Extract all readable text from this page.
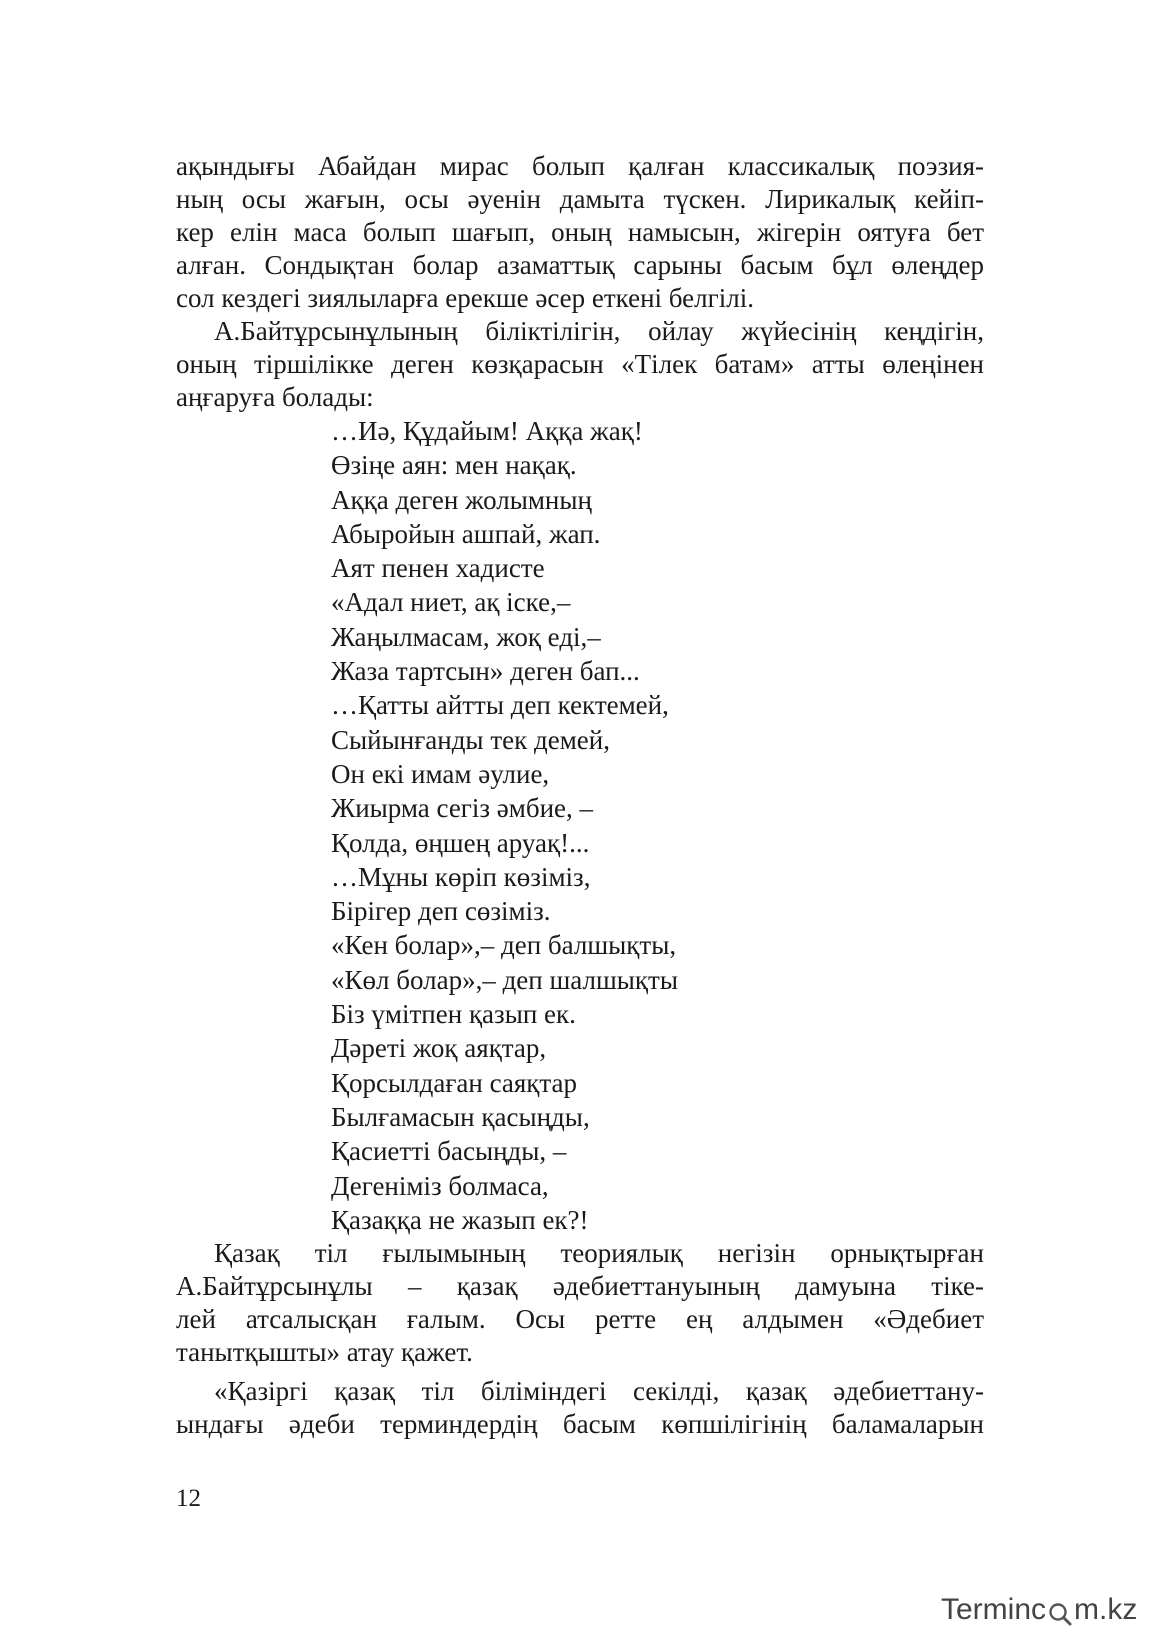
ақындығы Абайдан мирас болып қалған классикалық поэзия-
ның осы жағын, осы әуенін дамыта түскен. Лирикалық кейіп-
кер елін маса болып шағып, оның намысын, жігерін оятуға бет
алған. Сондықтан болар азаматтық сарыны басым бұл өлеңдер
сол кездегі зиялыларға ерекше әсер еткені белгілі.

А.Байтұрсынұлының біліктілігін, ойлау жүйесінің кеңдігін,
оның тіршілікке деген көзқарасын «Тілек батам» атты өлеңінен
аңғаруға болады:

…Иә, Құдайым! Аққа жақ!
Өзіңе аян: мен нақақ.
Аққа деген жолымның
Абыройын ашпай, жап.
Аят пенен хадисте
«Адал ниет, ақ іске,–
Жаңылмасам, жоқ еді,–
Жаза тартсын» деген бап...
…Қатты айтты деп кектемей,
Сыйынғанды тек демей,
Он екі имам әулие,
Жиырма сегіз әмбие, –
Қолда, өңшең аруақ!...
…Мұны көріп көзіміз,
Бірігер деп сөзіміз.
«Кен болар»,– деп балшықты,
«Көл болар»,– деп шалшықты
Біз үмітпен қазып ек.
Дәреті жоқ аяқтар,
Қорсылдаған саяқтар
Былғамасын қасыңды,
Қасиетті басыңды, –
Дегеніміз болмаса,
Қазаққа не жазып ек?!

Қазақ тіл ғылымының теориялық негізін орнықтырған
А.Байтұрсынұлы – қазақ әдебиеттануының дамуына тіке-
лей атсалысқан ғалым. Осы ретте ең алдымен «Әдебиет
танытқышты» атау қажет.

«Қазіргі қазақ тіл біліміндегі секілді, қазақ әдебиеттану-
ындағы әдеби терминдердің басым көпшілігінің баламаларын

12
Terminc m.kz
